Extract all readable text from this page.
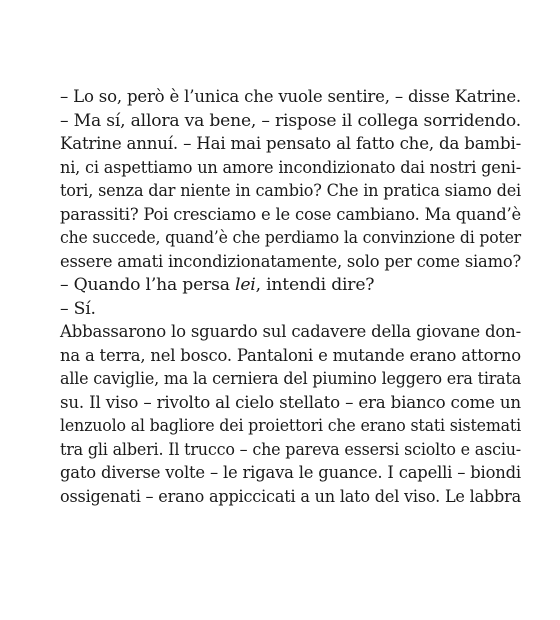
– Lo so, però è l’unica che vuole sentire, – disse Katrine.
– Ma sí, allora va bene, – rispose il collega sorridendo.
Katrine annuí. – Hai mai pensato al fatto che, da bambi-
ni, ci aspettiamo un amore incondizionato dai nostri geni-
tori, senza dar niente in cambio? Che in pratica siamo dei
parassiti? Poi cresciamo e le cose cambiano. Ma quand’è
che succede, quand’è che perdiamo la convinzione di poter
essere amati incondizionatamente, solo per come siamo?
– Quando l’ha persa lei, intendi dire?
– Sí.
Abbassarono lo sguardo sul cadavere della giovane don-
na a terra, nel bosco. Pantaloni e mutande erano attorno
alle caviglie, ma la cerniera del piumino leggero era tirata
su. Il viso – rivolto al cielo stellato – era bianco come un
lenzuolo al bagliore dei proiettori che erano stati sistemati
tra gli alberi. Il trucco – che pareva essersi sciolto e asciu-
gato diverse volte – le rigava le guance. I capelli – biondi
ossigenati – erano appiccicati a un lato del viso. Le labbra
